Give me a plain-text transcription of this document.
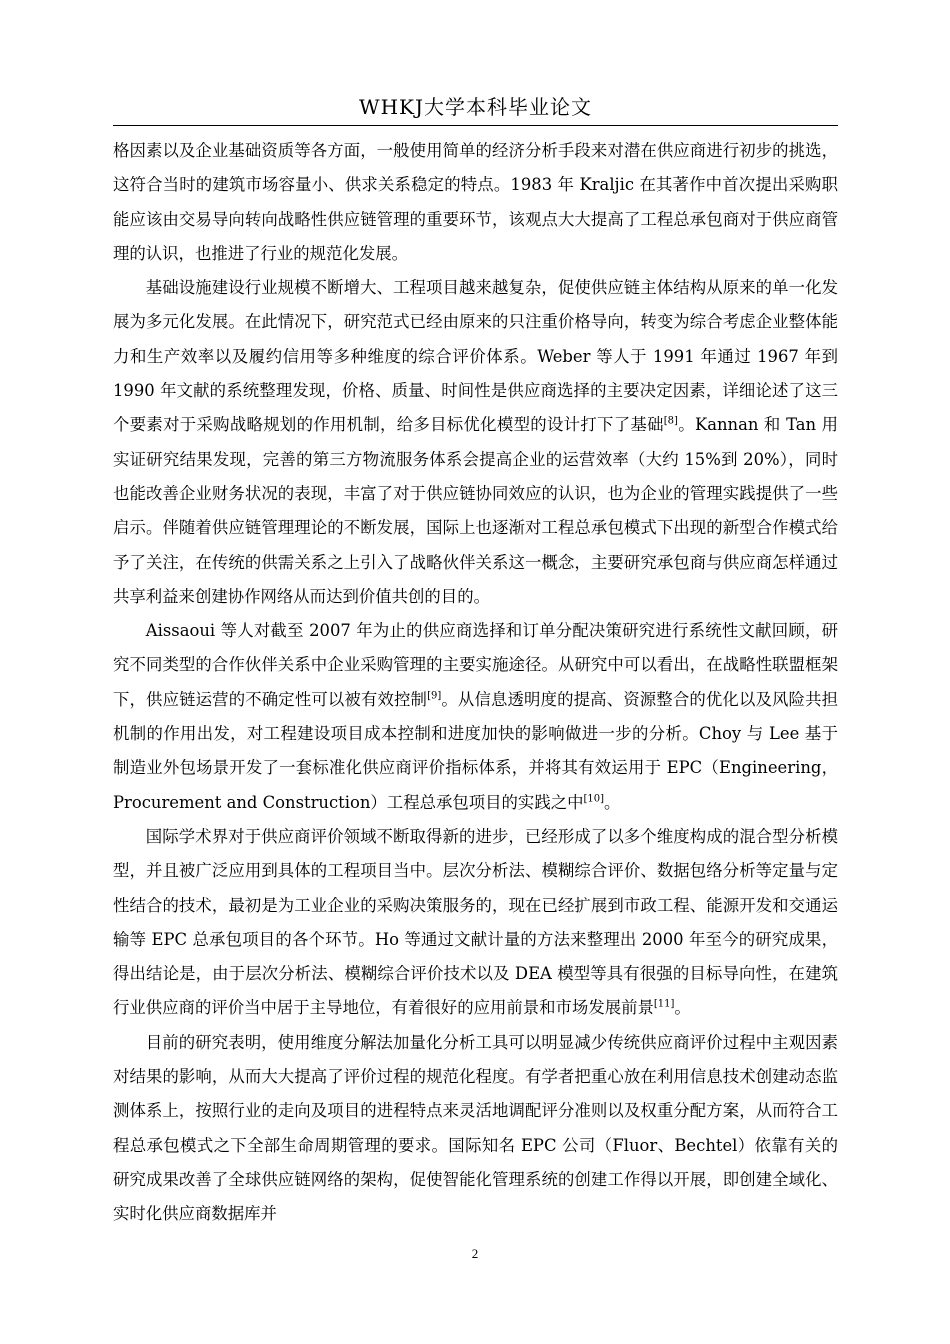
WHKJ大学本科毕业论文

格因素以及企业基础资质等各方面，一般使用简单的经济分析手段来对潜在供应商进行初步的挑选，这符合当时的建筑市场容量小、供求关系稳定的特点。1983 年 Kraljic 在其著作中首次提出采购职能应该由交易导向转向战略性供应链管理的重要环节，该观点大大提高了工程总承包商对于供应商管理的认识，也推进了行业的规范化发展。

基础设施建设行业规模不断增大、工程项目越来越复杂，促使供应链主体结构从原来的单一化发展为多元化发展。在此情况下，研究范式已经由原来的只注重价格导向，转变为综合考虑企业整体能力和生产效率以及履约信用等多种维度的综合评价体系。Weber 等人于 1991 年通过 1967 年到 1990 年文献的系统整理发现，价格、质量、时间性是供应商选择的主要决定因素，详细论述了这三个要素对于采购战略规划的作用机制，给多目标优化模型的设计打下了基础[8]。Kannan 和 Tan 用实证研究结果发现，完善的第三方物流服务体系会提高企业的运营效率（大约 15%到 20%），同时也能改善企业财务状况的表现，丰富了对于供应链协同效应的认识，也为企业的管理实践提供了一些启示。伴随着供应链管理理论的不断发展，国际上也逐渐对工程总承包模式下出现的新型合作模式给予了关注，在传统的供需关系之上引入了战略伙伴关系这一概念，主要研究承包商与供应商怎样通过共享利益来创建协作网络从而达到价值共创的目的。

Aissaoui 等人对截至 2007 年为止的供应商选择和订单分配决策研究进行系统性文献回顾，研究不同类型的合作伙伴关系中企业采购管理的主要实施途径。从研究中可以看出，在战略性联盟框架下，供应链运营的不确定性可以被有效控制[9]。从信息透明度的提高、资源整合的优化以及风险共担机制的作用出发，对工程建设项目成本控制和进度加快的影响做进一步的分析。Choy 与 Lee 基于制造业外包场景开发了一套标准化供应商评价指标体系，并将其有效运用于 EPC（Engineering，Procurement and Construction）工程总承包项目的实践之中[10]。

国际学术界对于供应商评价领域不断取得新的进步，已经形成了以多个维度构成的混合型分析模型，并且被广泛应用到具体的工程项目当中。层次分析法、模糊综合评价、数据包络分析等定量与定性结合的技术，最初是为工业企业的采购决策服务的，现在已经扩展到市政工程、能源开发和交通运输等 EPC 总承包项目的各个环节。Ho 等通过文献计量的方法来整理出 2000 年至今的研究成果，得出结论是，由于层次分析法、模糊综合评价技术以及 DEA 模型等具有很强的目标导向性，在建筑行业供应商的评价当中居于主导地位，有着很好的应用前景和市场发展前景[11]。

目前的研究表明，使用维度分解法加量化分析工具可以明显减少传统供应商评价过程中主观因素对结果的影响，从而大大提高了评价过程的规范化程度。有学者把重心放在利用信息技术创建动态监测体系上，按照行业的走向及项目的进程特点来灵活地调配评分准则以及权重分配方案，从而符合工程总承包模式之下全部生命周期管理的要求。国际知名 EPC 公司（Fluor、Bechtel）依靠有关的研究成果改善了全球供应链网络的架构，促使智能化管理系统的创建工作得以开展，即创建全域化、实时化供应商数据库并

2
